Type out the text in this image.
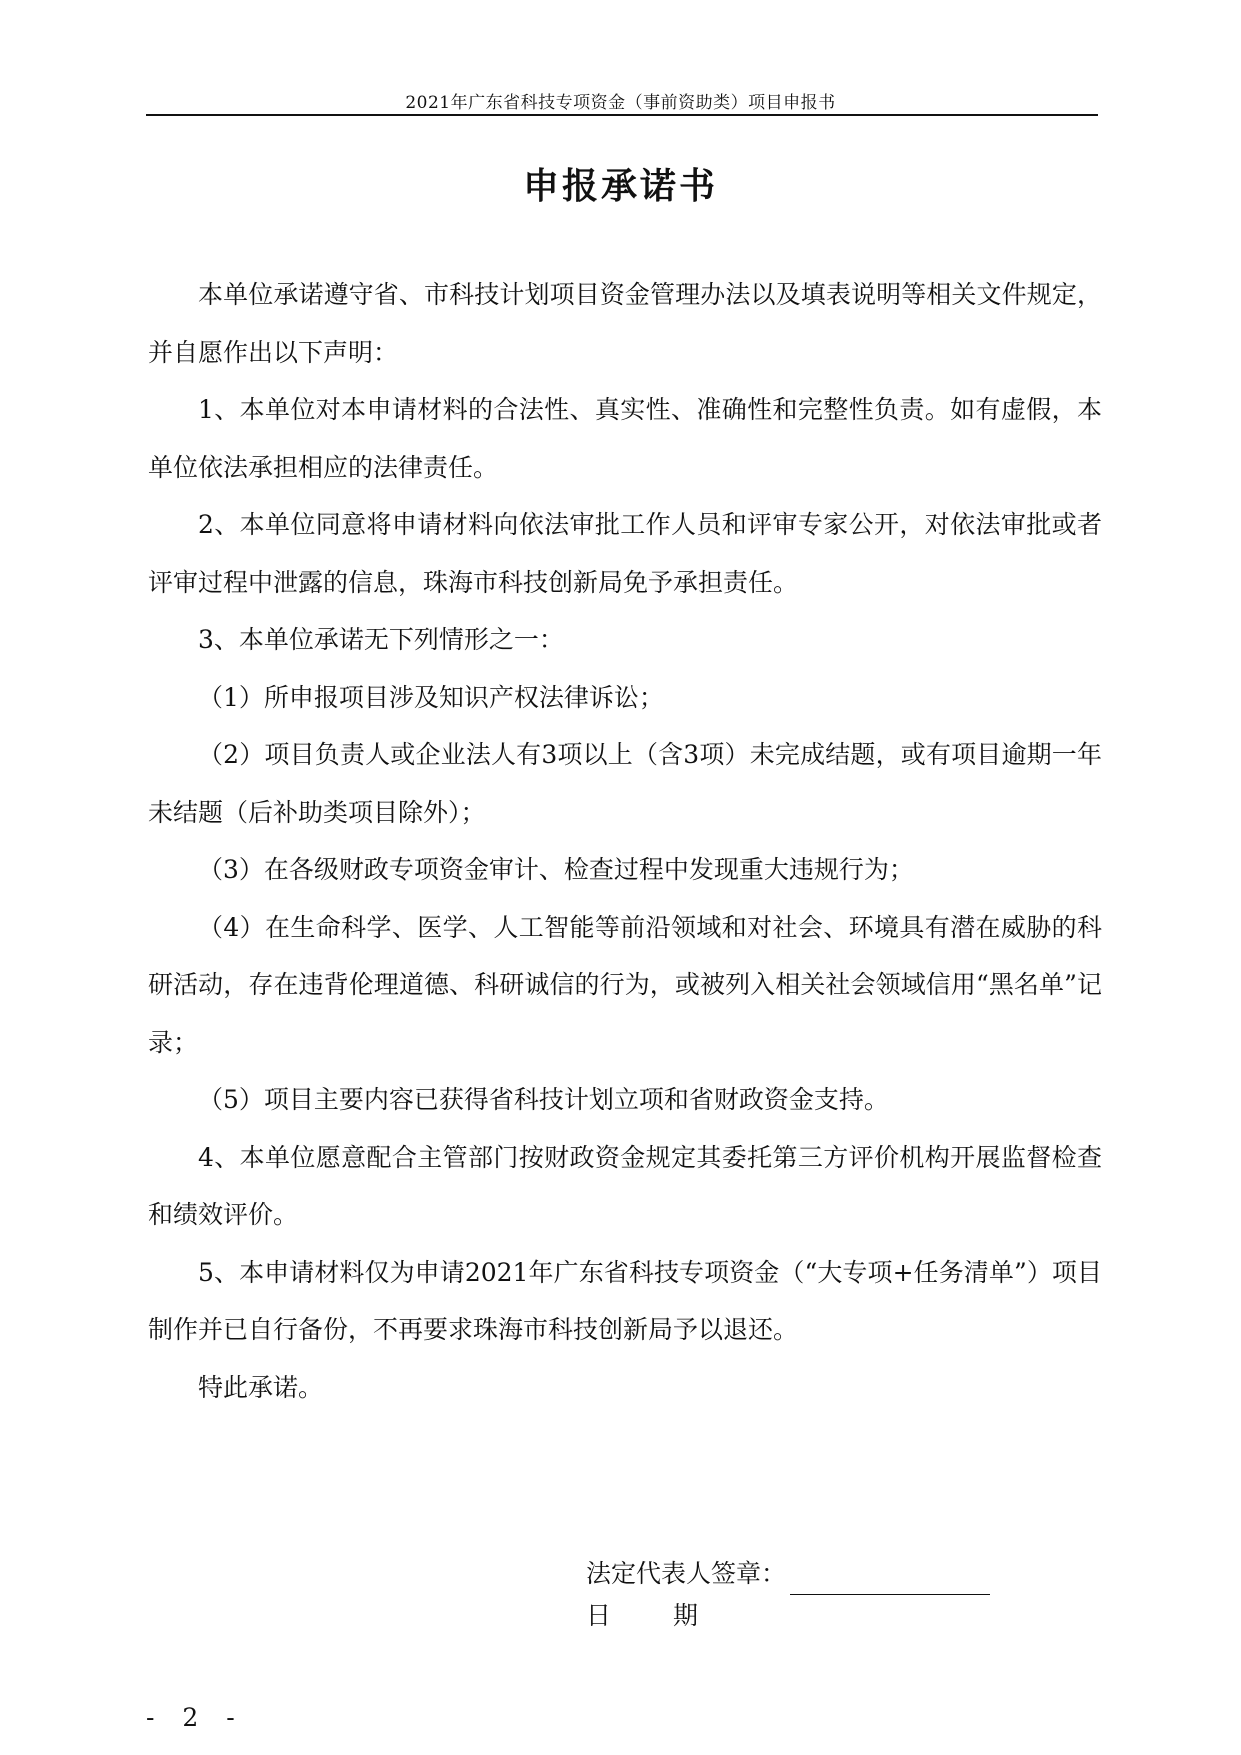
2021年广东省科技专项资金（事前资助类）项目申报书
申报承诺书

本单位承诺遵守省、市科技计划项目资金管理办法以及填表说明等相关文件规定，并自愿作出以下声明：

1、本单位对本申请材料的合法性、真实性、准确性和完整性负责。如有虚假，本单位依法承担相应的法律责任。

2、本单位同意将申请材料向依法审批工作人员和评审专家公开，对依法审批或者评审过程中泄露的信息，珠海市科技创新局免予承担责任。

3、本单位承诺无下列情形之一：

（1）所申报项目涉及知识产权法律诉讼；

（2）项目负责人或企业法人有3项以上（含3项）未完成结题，或有项目逾期一年未结题（后补助类项目除外）；

（3）在各级财政专项资金审计、检查过程中发现重大违规行为；

（4）在生命科学、医学、人工智能等前沿领域和对社会、环境具有潜在威胁的科研活动，存在违背伦理道德、科研诚信的行为，或被列入相关社会领域信用“黑名单”记录；

（5）项目主要内容已获得省科技计划立项和省财政资金支持。

4、本单位愿意配合主管部门按财政资金规定其委托第三方评价机构开展监督检查和绩效评价。

5、本申请材料仅为申请2021年广东省科技专项资金（“大专项+任务清单”）项目制作并已自行备份，不再要求珠海市科技创新局予以退还。

特此承诺。

法定代表人签章：
日期
- 2 -
